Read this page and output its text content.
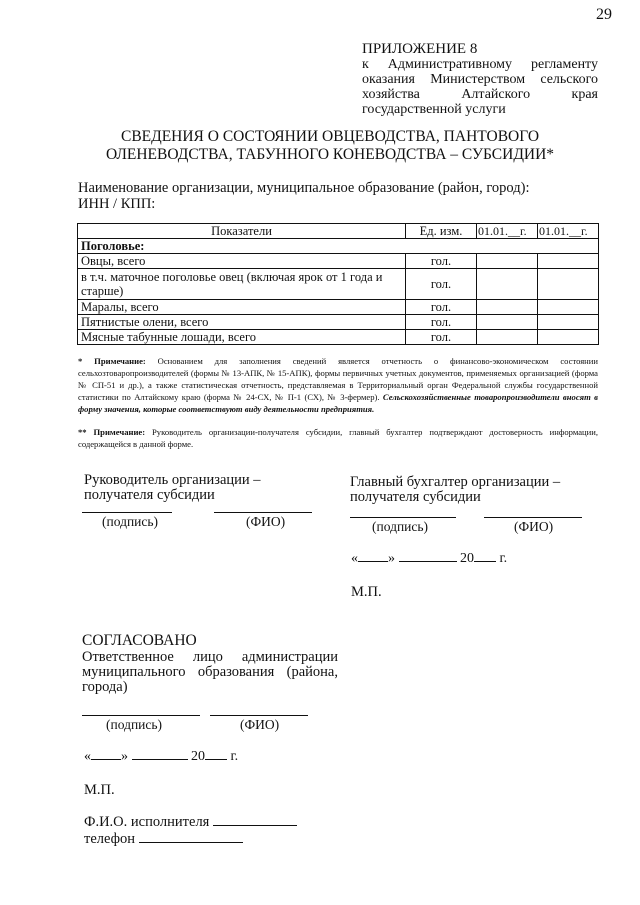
29
ПРИЛОЖЕНИЕ 8
к Административному регламенту
оказания Министерством сельского
хозяйства Алтайского края
государственной услуги
СВЕДЕНИЯ О СОСТОЯНИИ ОВЦЕВОДСТВА, ПАНТОВОГО
ОЛЕНЕВОДСТВА, ТАБУННОГО КОНЕВОДСТВА – СУБСИДИИ*
Наименование организации, муниципальное образование (район, город):
ИНН / КПП:
Показатели	Ед. изм.	01.01.__г.	01.01.__г.
Поголовье:			
Овцы, всего	гол.		
в т.ч. маточное поголовье овец (включая ярок от 1 года и старше)	гол.		
Маралы, всего	гол.		
Пятнистые олени, всего	гол.		
Мясные табунные лошади, всего	гол.		
* Примечание: Основанием для заполнения сведений является отчетность о финансово-экономическом состоянии сельхозтоваропроизводителей (формы № 13-АПК, № 15-АПК), формы первичных учетных документов, применяемых организацией (форма № СП-51 и др.), а также статистическая отчетность, представляемая в Территориальный орган Федеральной службы государственной статистики по Алтайскому краю (форма № 24-СХ, № П-1 (СХ), № 3-фермер). Сельскохозяйственные товаропроизводители вносят в форму значения, которые соответствуют виду деятельности предприятия.
** Примечание: Руководитель организации-получателя субсидии, главный бухгалтер подтверждают достоверность информации, содержащейся в данной форме.
Руководитель организации –
получателя субсидии
(подпись)	(ФИО)
Главный бухгалтер организации –
получателя субсидии
(подпись)	(ФИО)
« »	20 г.
М.П.
СОГЛАСОВАНО
Ответственное лицо администрации
муниципального образования (района,
города)
(подпись)	(ФИО)
« »	20 г.
М.П.
Ф.И.О. исполнителя
телефон
